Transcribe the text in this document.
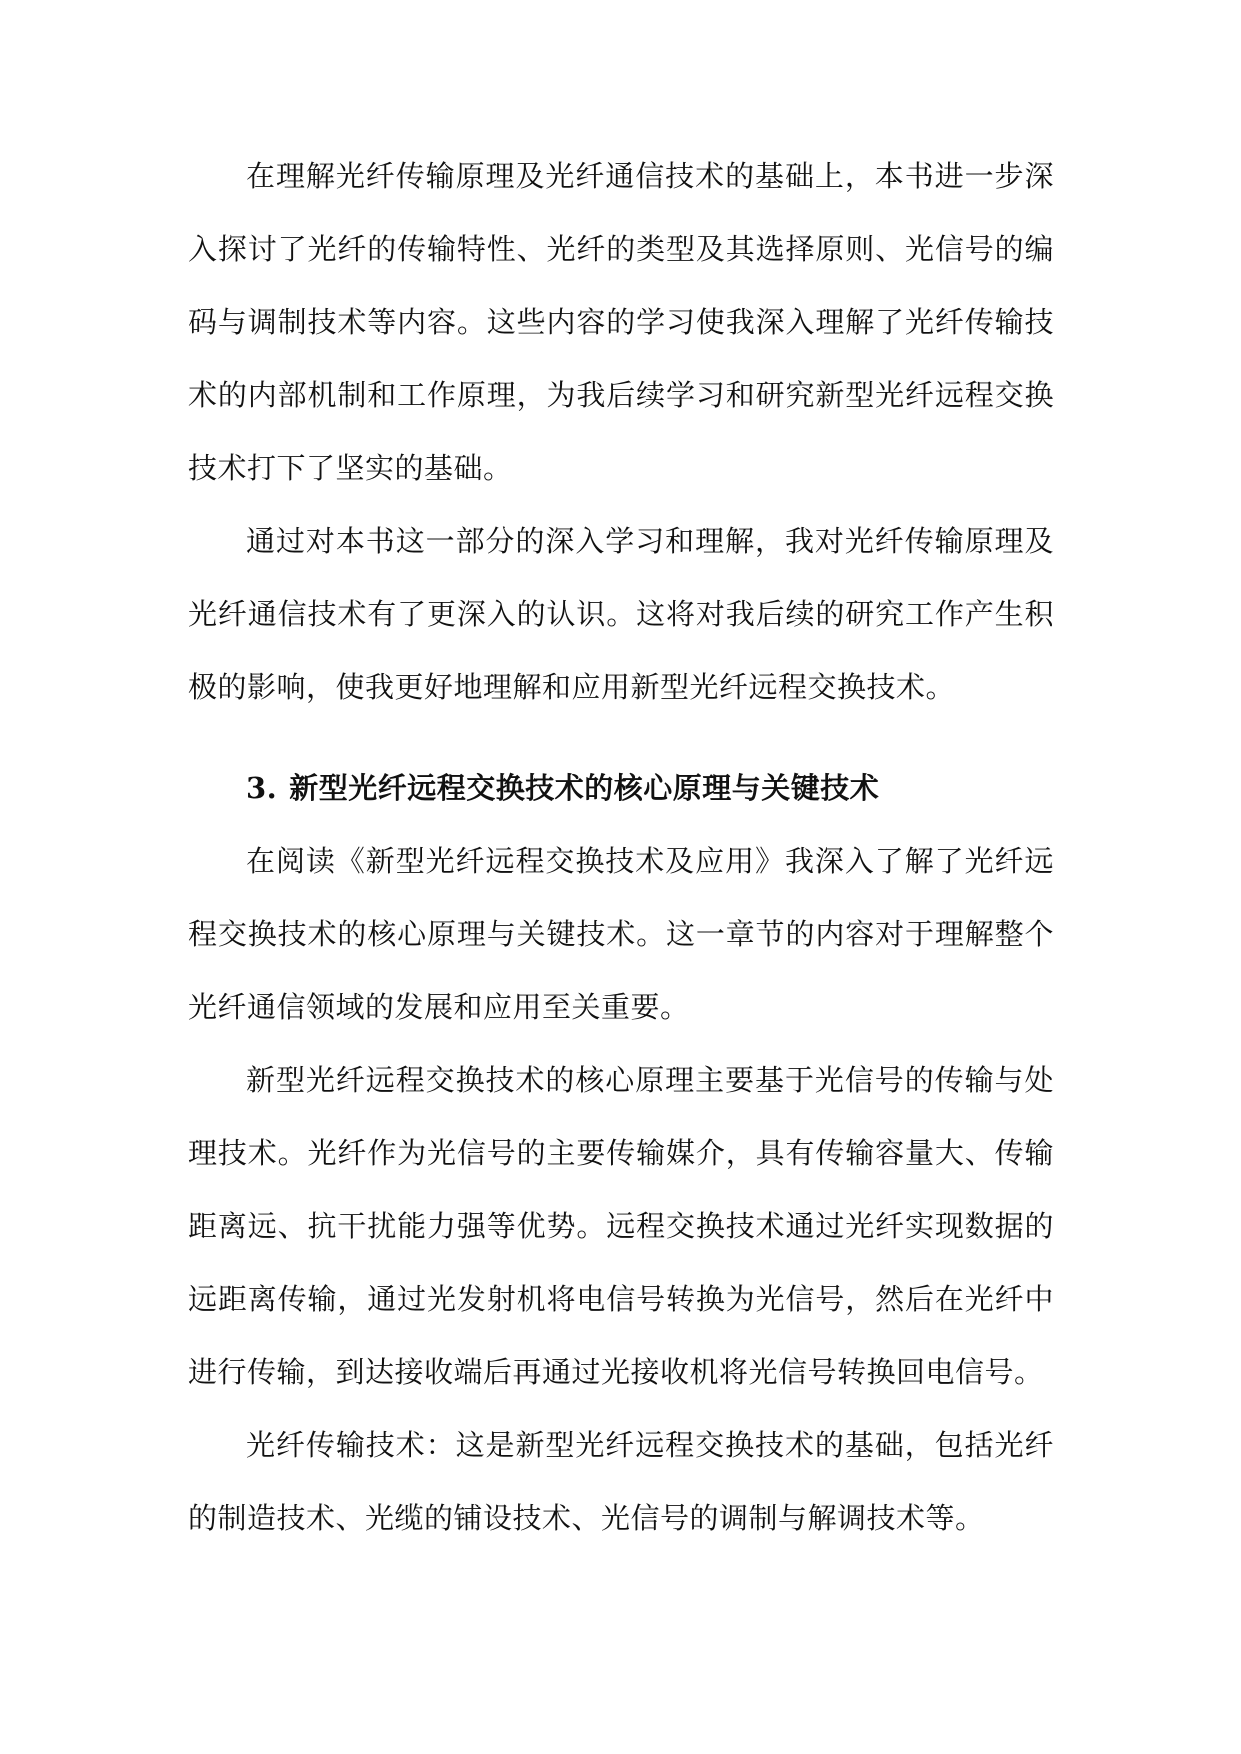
在理解光纤传输原理及光纤通信技术的基础上，本书进一步深入探讨了光纤的传输特性、光纤的类型及其选择原则、光信号的编码与调制技术等内容。这些内容的学习使我深入理解了光纤传输技术的内部机制和工作原理，为我后续学习和研究新型光纤远程交换技术打下了坚实的基础。

通过对本书这一部分的深入学习和理解，我对光纤传输原理及光纤通信技术有了更深入的认识。这将对我后续的研究工作产生积极的影响，使我更好地理解和应用新型光纤远程交换技术。

3. 新型光纤远程交换技术的核心原理与关键技术

在阅读《新型光纤远程交换技术及应用》我深入了解了光纤远程交换技术的核心原理与关键技术。这一章节的内容对于理解整个光纤通信领域的发展和应用至关重要。

新型光纤远程交换技术的核心原理主要基于光信号的传输与处理技术。光纤作为光信号的主要传输媒介，具有传输容量大、传输距离远、抗干扰能力强等优势。远程交换技术通过光纤实现数据的远距离传输，通过光发射机将电信号转换为光信号，然后在光纤中进行传输，到达接收端后再通过光接收机将光信号转换回电信号。

光纤传输技术：这是新型光纤远程交换技术的基础，包括光纤的制造技术、光缆的铺设技术、光信号的调制与解调技术等。
